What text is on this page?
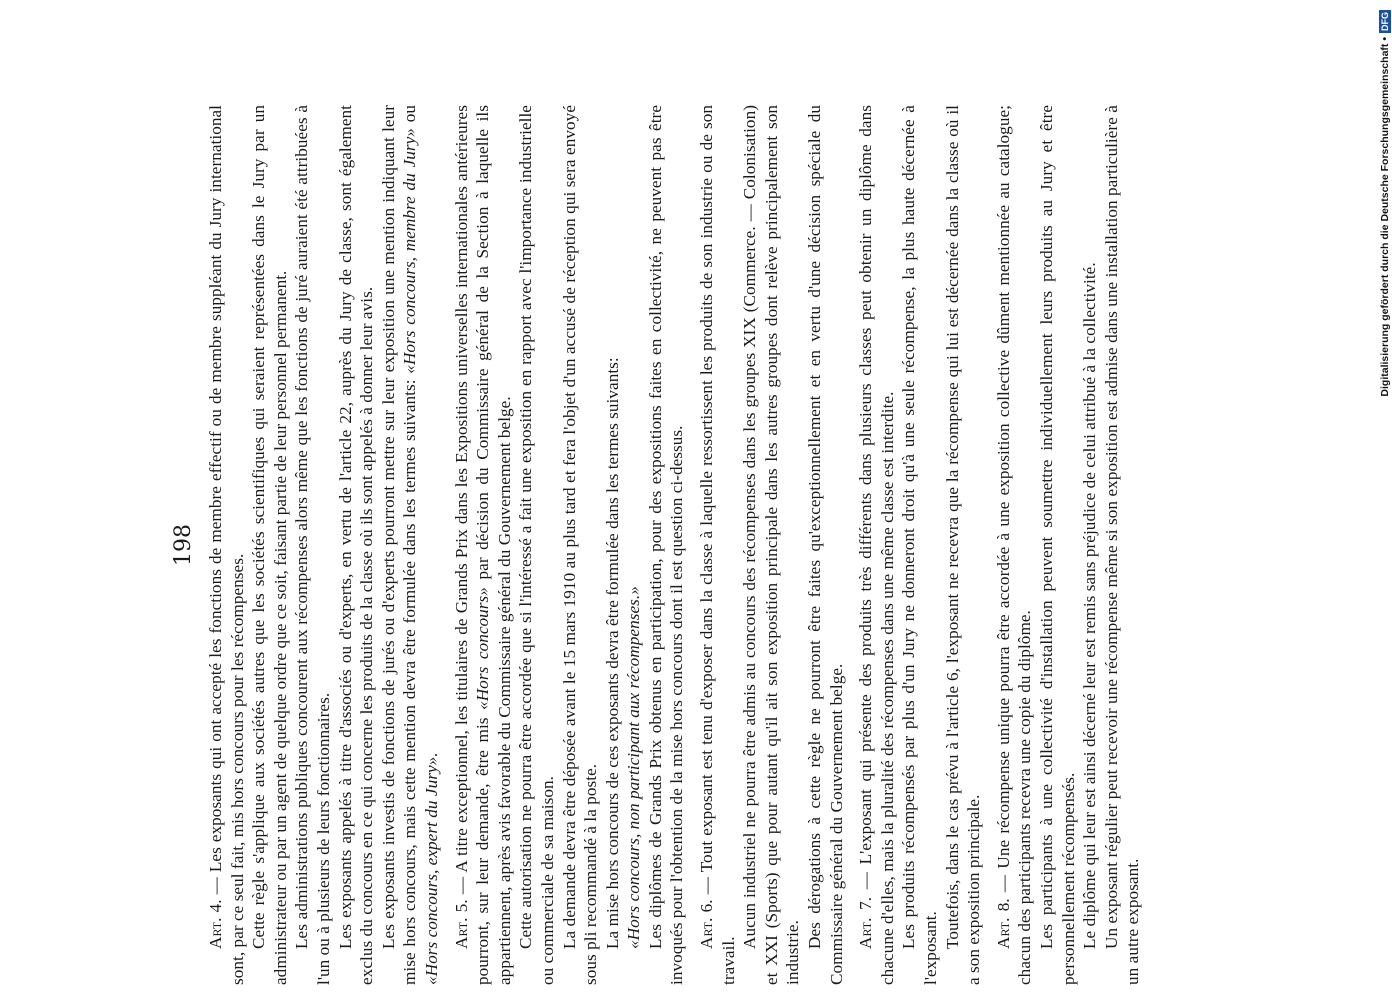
198

Art. 4. — Les exposants qui ont accepté les fonctions de membre effectif ou de membre suppléant du Jury international sont, par ce seul fait, mis hors concours pour les récompenses. Cette règle s'applique aux sociétés autres que les sociétés scientifiques qui seraient représentées dans le Jury par un administrateur ou par un agent de quelque ordre que ce soit, faisant partie de leur personnel permanent. Les administrations publiques concourent aux récompenses alors même que les fonctions de juré auraient été attribuées à l'un ou à plusieurs de leurs fonctionnaires. Les exposants appelés à titre d'associés ou d'experts, en vertu de l'article 22, auprès du Jury de classe, sont également exclus du concours en ce qui concerne les produits de la classe où ils sont appelés à donner leur avis. Les exposants investis de fonctions de jurés ou d'experts pourront mettre sur leur exposition une mention indiquant leur mise hors concours, mais cette mention devra être formulée dans les termes suivants: «Hors concours, membre du Jury» ou «Hors concours, expert du Jury». Art. 5. — A titre exceptionnel, les titulaires de Grands Prix dans les Expositions universelles internationales antérieures pourront, sur leur demande, être mis «Hors concours» par décision du Commissaire général de la Section à laquelle ils appartiennent, après avis favorable du Commissaire général du Gouvernement belge. Cette autorisation ne pourra être accordée que si l'intéressé a fait une exposition en rapport avec l'importance industrielle ou commerciale de sa maison. La demande devra être déposée avant le 15 mars 1910 au plus tard et fera l'objet d'un accusé de réception qui sera envoyé sous pli recommandé à la poste. La mise hors concours de ces exposants devra être formulée dans les termes suivants: «Hors concours, non participant aux récompenses.» Les diplômes de Grands Prix obtenus en participation, pour des expositions faites en collectivité, ne peuvent pas être invoqués pour l'obtention de la mise hors concours dont il est question ci-dessus. Art. 6. — Tout exposant est tenu d'exposer dans la classe à laquelle ressortissent les produits de son industrie ou de son travail.

Aucun industriel ne pourra être admis au concours des récompenses dans les groupes XIX (Commerce. — Colonisation) et XXI (Sports) que pour autant qu'il ait son exposition principale dans les autres groupes dont relève principalement son industrie.

Des dérogations à cette règle ne pourront être faites qu'exceptionnellement et en vertu d'une décision spéciale du Commissaire général du Gouvernement belge. Art. 7. — L'exposant qui présente des produits très différents dans plusieurs classes peut obtenir un diplôme dans chacune d'elles, mais la pluralité des récompenses dans une même classe est interdite. Les produits récompensés par plus d'un Jury ne donneront droit qu'à une seule récompense, la plus haute décernée à l'exposant. Toutefois, dans le cas prévu à l'article 6, l'exposant ne recevra que la récompense qui lui est décernée dans la classe où il a son exposition principale. Art. 8. — Une récompense unique pourra être accordée à une exposition collective dûment mentionnée au catalogue; chacun des participants recevra une copie du diplôme. Les participants à une collectivité d'installation peuvent soumettre individuellement leurs produits au Jury et être personnellement récompensés. Le diplôme qui leur est ainsi décerné leur est remis sans préjudice de celui attribué à la collectivité. Un exposant régulier peut recevoir une récompense même si son exposition est admise dans une installation particulière à un autre exposant.

Digitalisierung gefördert durch die Deutsche Forschungsgemeinschaft •
DFG
